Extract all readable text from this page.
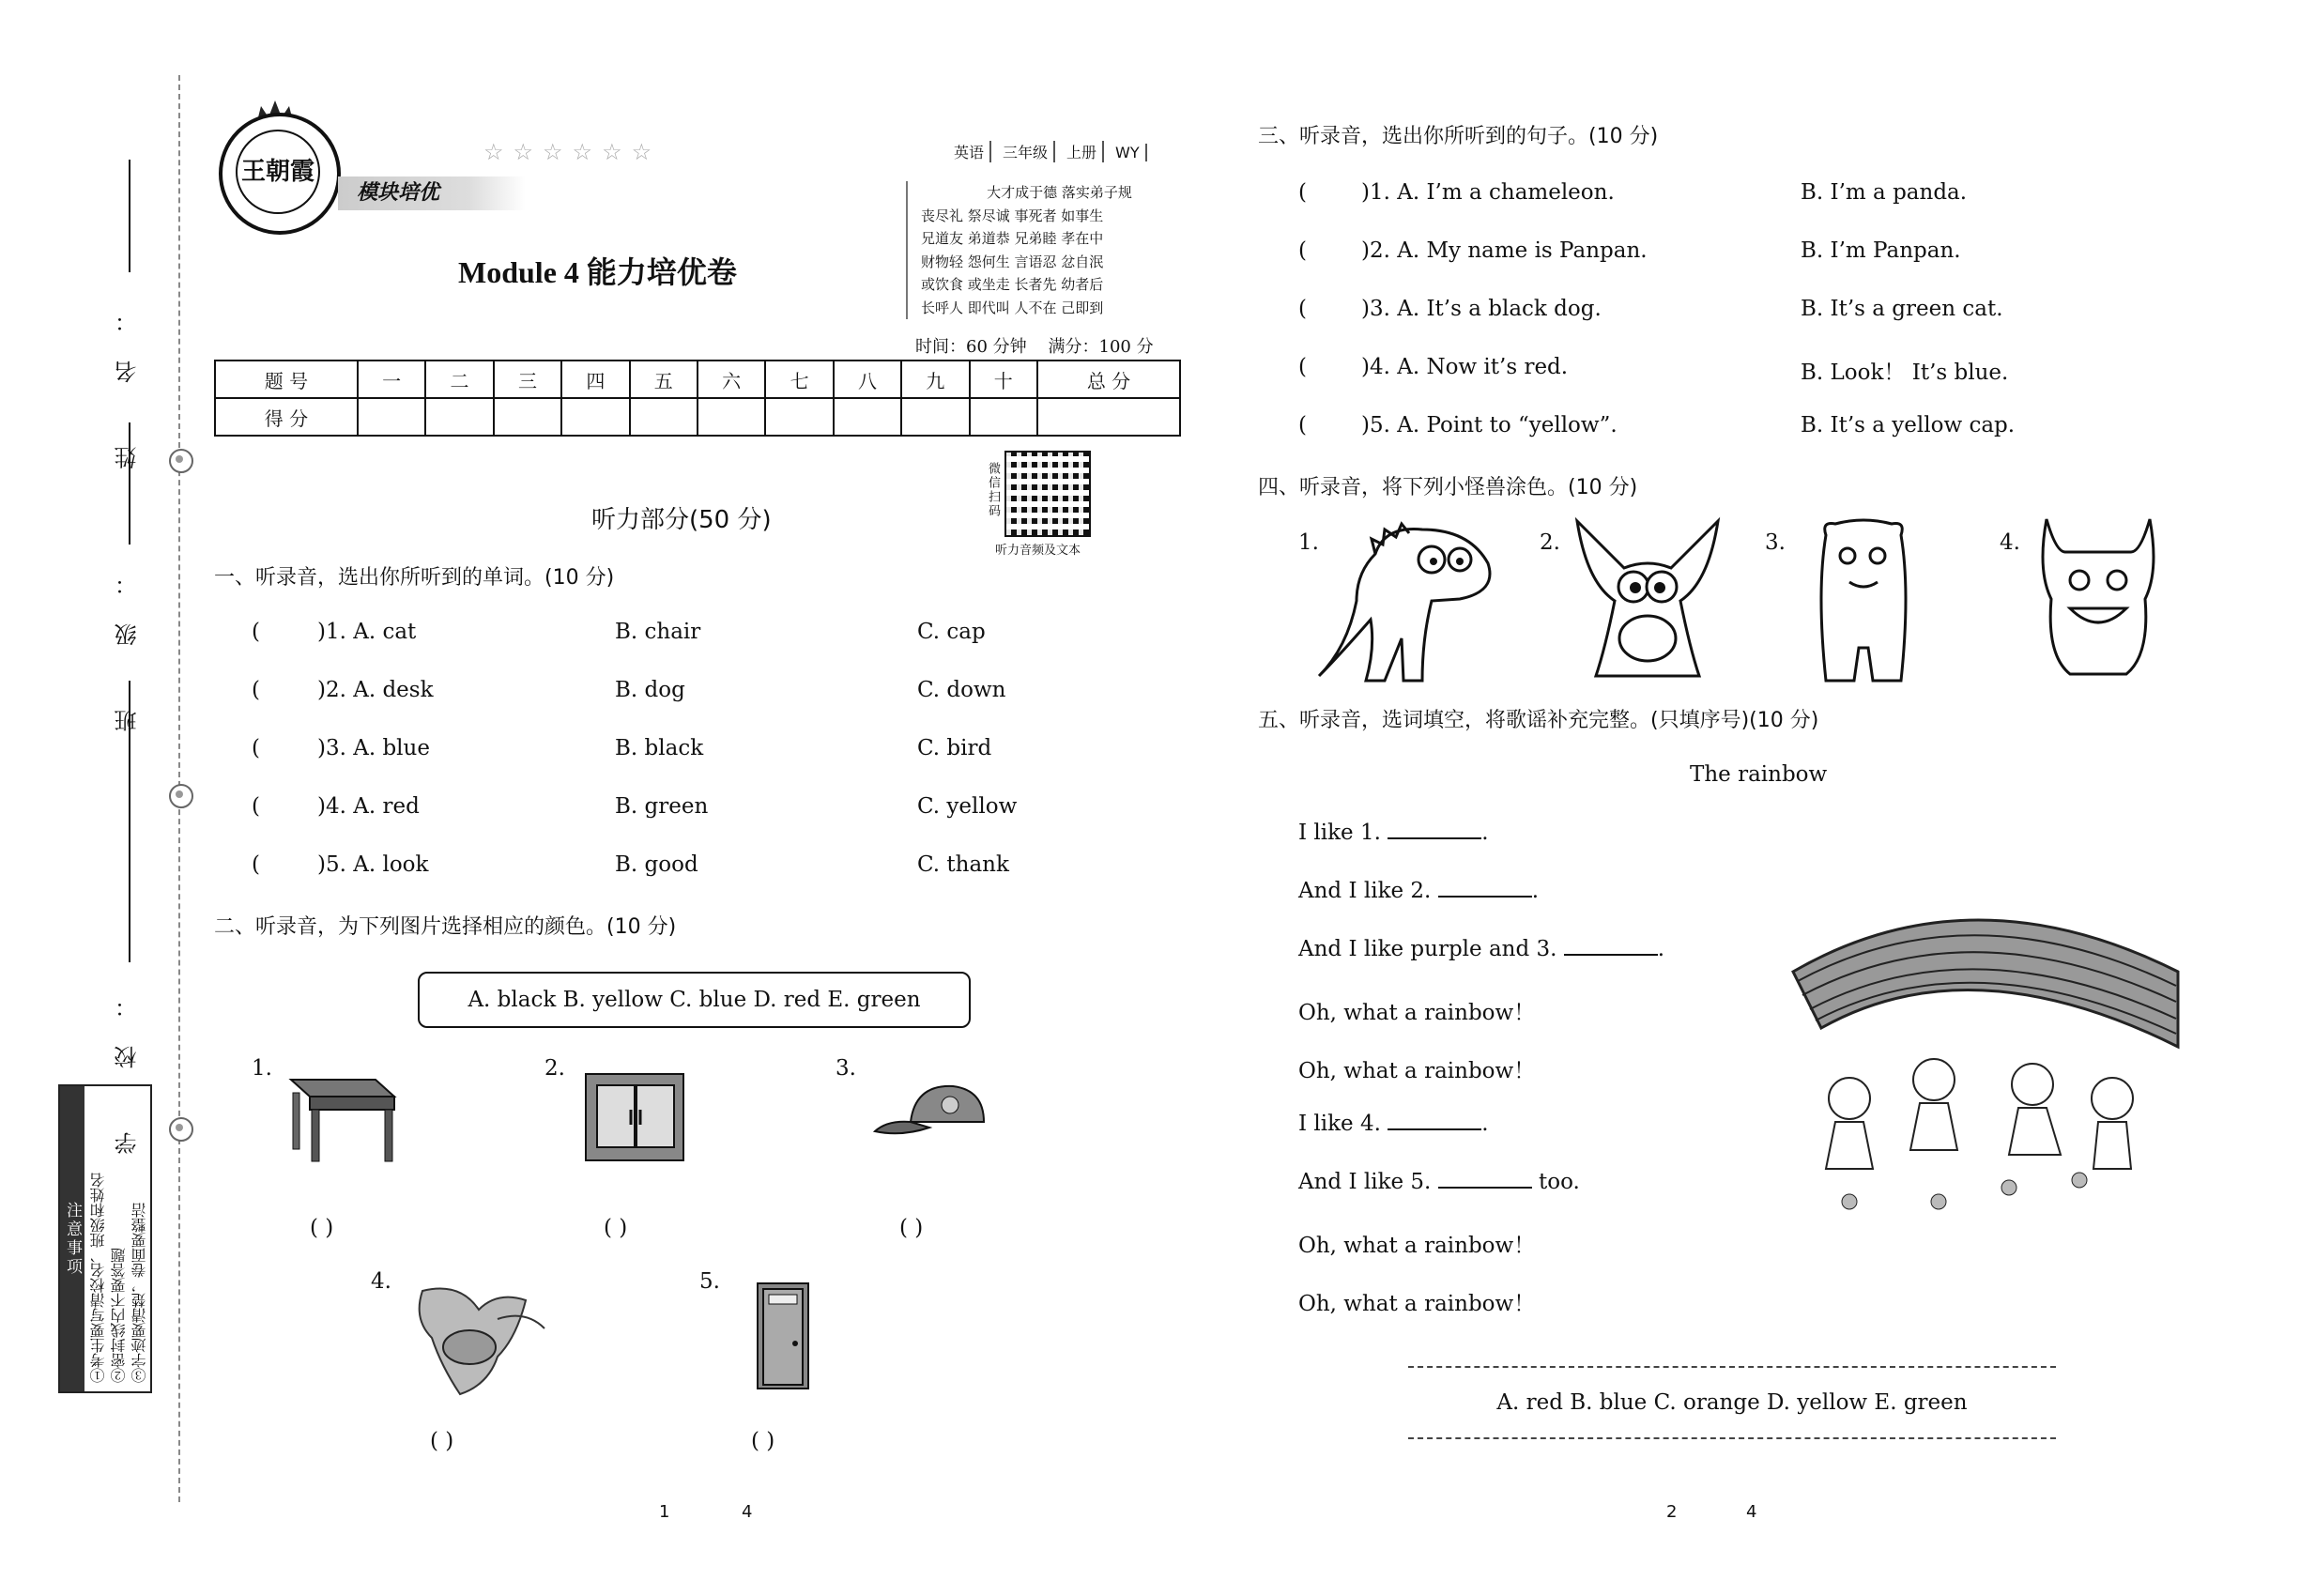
姓 名：
班 级：
学 校：
注意事项 ①考生要写清校名、班级和姓名 ②密封线内不要答题 ③字迹要清楚，卷面要整洁
王朝霞
模块培优
☆☆☆☆☆☆	英语 三年级 上册 WY
大才成于德 落实弟子规
丧尽礼 祭尽诚 事死者 如事生
兄道友 弟道恭 兄弟睦 孝在中
财物轻 怨何生 言语忍 忿自泯
或饮食 或坐走 长者先 幼者后
长呼人 即代叫 人不在 己即到
Module 4 能力培优卷
时间：60 分钟 满分：100 分
题 号	一	二	三	四	五	六	七	八	九	十	总 分
得 分											
微信扫码
听力音频及文本
听力部分(50 分)
一、听录音，选出你所听到的单词。(10 分)
( )1. A. cat	B. chair	C. cap
( )2. A. desk	B. dog	C. down
( )3. A. blue	B. black	C. bird
( )4. A. red	B. green	C. yellow
( )5. A. look	B. good	C. thank
二、听录音，为下列图片选择相应的颜色。(10 分)
A. black B. yellow C. blue D. red E. green
1.
( )
2.
( )
3.
( )
4.
( )
5.
( )
1	4
三、听录音，选出你所听到的句子。(10 分)
( )1. A. I’m a chameleon.	B. I’m a panda.
( )2. A. My name is Panpan.	B. I’m Panpan.
( )3. A. It’s a black dog.	B. It’s a green cat.
( )4. A. Now it’s red.	B. Look！ It’s blue.
( )5. A. Point to “yellow”.	B. It’s a yellow cap.
四、听录音，将下列小怪兽涂色。(10 分)
1.	2.	3.	4.
五、听录音，选词填空，将歌谣补充完整。(只填序号)(10 分)
The rainbow
I like 1.	.
And I like 2.	.
And I like purple and 3.	.
Oh, what a rainbow！
Oh, what a rainbow！
I like 4.	.
And I like 5.	too.
Oh, what a rainbow！
Oh, what a rainbow！
A. red B. blue C. orange D. yellow E. green
2	4
